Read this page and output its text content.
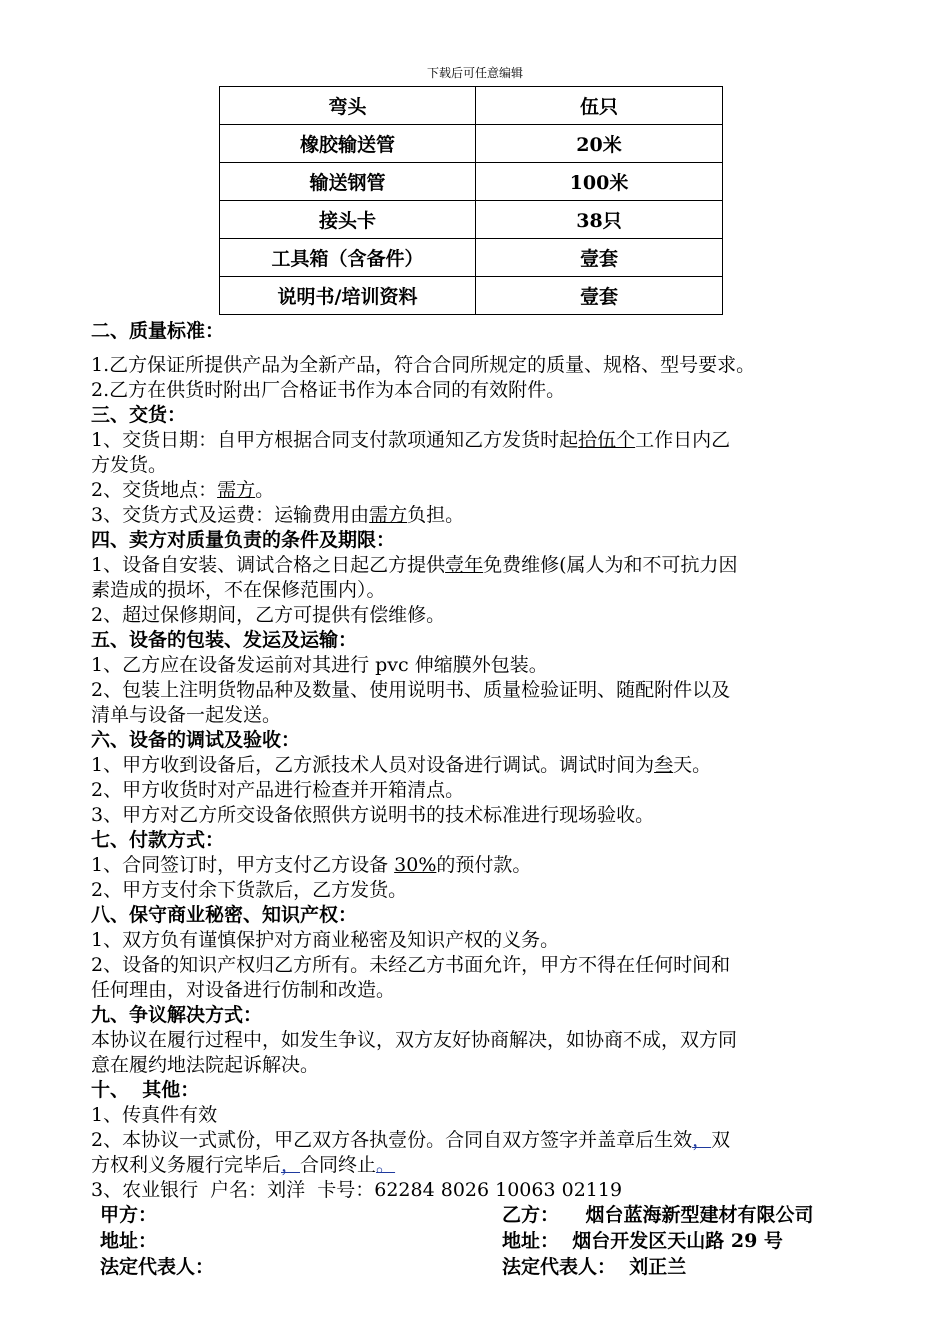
下载后可任意编辑
弯头	伍只
橡胶输送管	20米
输送钢管	100米
接头卡	38只
工具箱（含备件）	壹套
说明书/培训资料	壹套

二、质量标准：

1.乙方保证所提供产品为全新产品，符合合同所规定的质量、规格、型号要求。

2.乙方在供货时附出厂合格证书作为本合同的有效附件。

三、交货：

1、交货日期：自甲方根据合同支付款项通知乙方发货时起拾伍个工作日内乙

方发货。

2、交货地点：需方。

3、交货方式及运费：运输费用由需方负担。

四、卖方对质量负责的条件及期限：

1、设备自安装、调试合格之日起乙方提供壹年免费维修(属人为和不可抗力因

素造成的损坏，不在保修范围内）。

2、超过保修期间，乙方可提供有偿维修。

五、设备的包装、发运及运输：

1、乙方应在设备发运前对其进行 pvc 伸缩膜外包装。

2、包装上注明货物品种及数量、使用说明书、质量检验证明、随配附件以及

清单与设备一起发送。

六、设备的调试及验收：

1、甲方收到设备后，乙方派技术人员对设备进行调试。调试时间为叁天。

2、甲方收货时对产品进行检查并开箱清点。

3、甲方对乙方所交设备依照供方说明书的技术标准进行现场验收。

七、付款方式：

1、合同签订时，甲方支付乙方设备 30%的预付款。

2、甲方支付余下货款后，乙方发货。

八、保守商业秘密、知识产权：

1、双方负有谨慎保护对方商业秘密及知识产权的义务。

2、设备的知识产权归乙方所有。未经乙方书面允许，甲方不得在任何时间和

任何理由，对设备进行仿制和改造。

九、争议解决方式：

本协议在履行过程中，如发生争议，双方友好协商解决，如协商不成，双方同

意在履约地法院起诉解决。

十、  其他：

1、传真件有效

2、本协议一式贰份，甲乙双方各执壹份。合同自双方签字并盖章后生效，双

方权利义务履行完毕后，合同终止。

3、农业银行  户名：刘洋  卡号：62284 8026 10063 02119

甲方：	乙方：    烟台蓝海新型建材有限公司
地址：	地址：  烟台开发区天山路 29 号
法定代表人：	法定代表人：  刘正兰
